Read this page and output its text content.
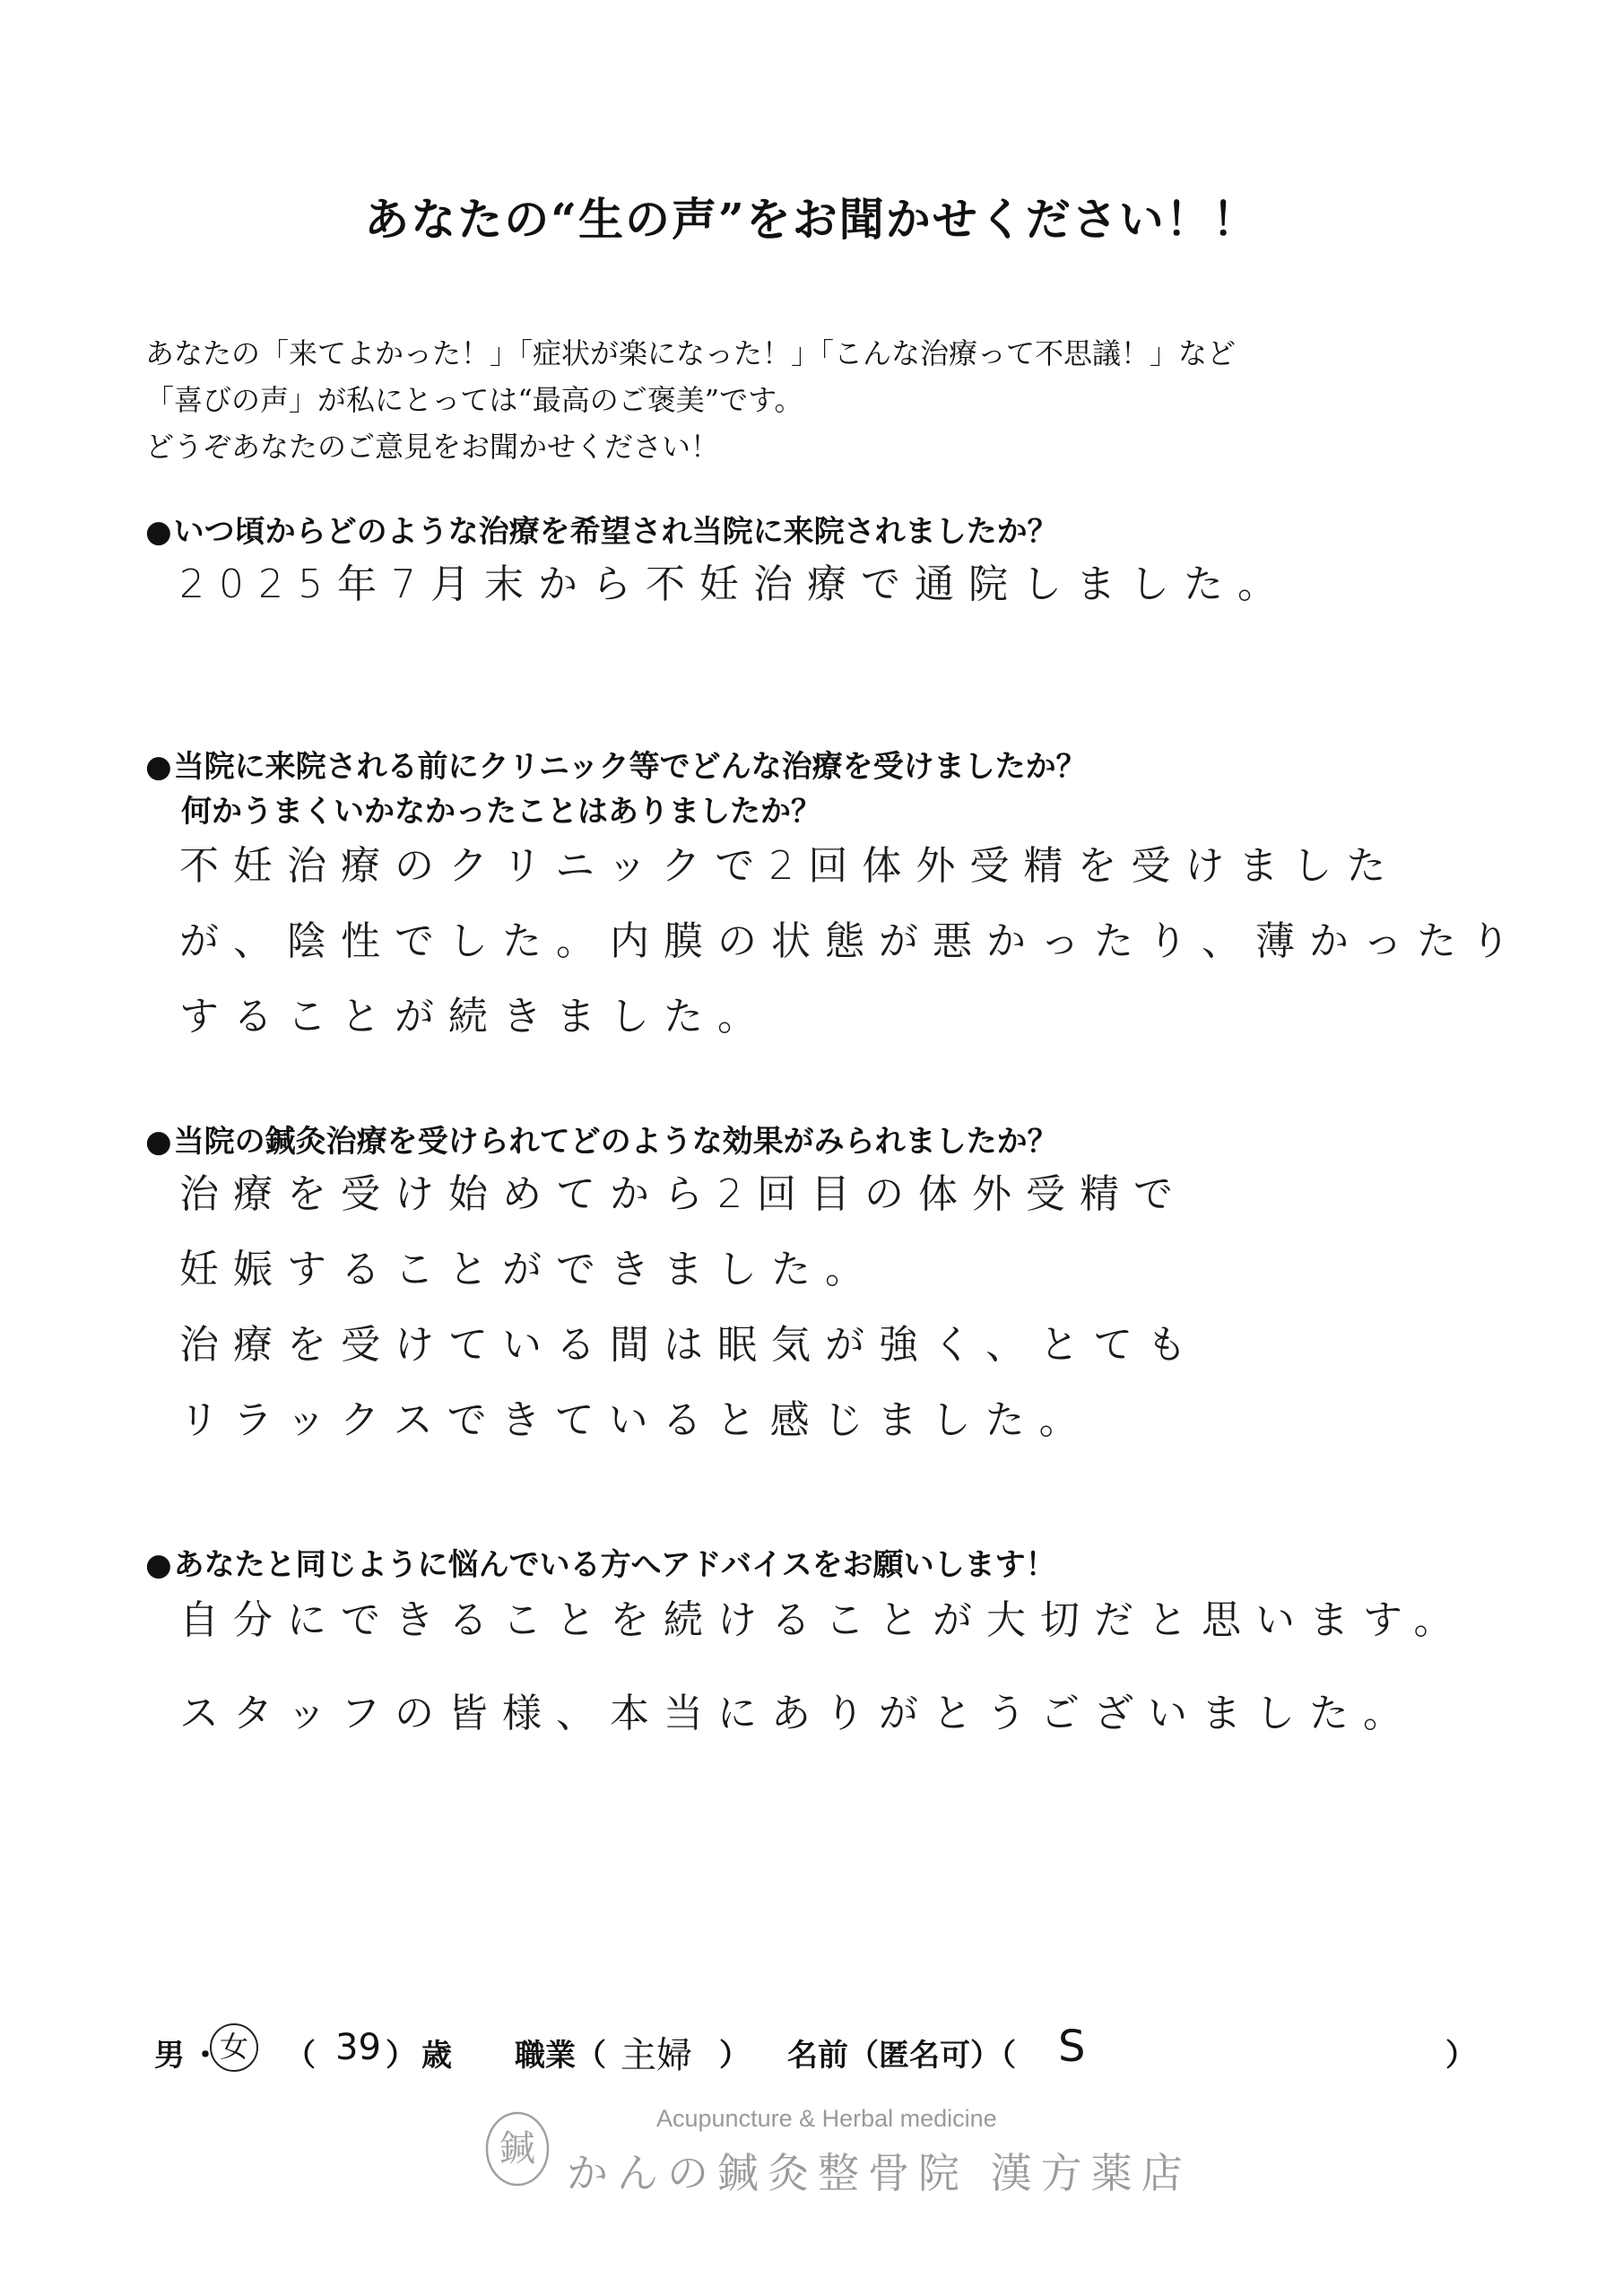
あなたの“生の声”をお聞かせください！！
あなたの「来てよかった！」「症状が楽になった！」「こんな治療って不思議！」など
「喜びの声」が私にとっては“最高のご褒美”です。
どうぞあなたのご意見をお聞かせください！
●いつ頃からどのような治療を希望され当院に来院されましたか？
2025年7月末から不妊治療で通院しました。
●当院に来院される前にクリニック等でどんな治療を受けましたか？
何かうまくいかなかったことはありましたか？
不妊治療のクリニックで2回体外受精を受けました
が、陰性でした。内膜の状態が悪かったり、薄かったり
することが続きました。
●当院の鍼灸治療を受けられてどのような効果がみられましたか？
治療を受け始めてから2回目の体外受精で
妊娠することができました。
治療を受けている間は眠気が強く、とても
リラックスできていると感じました。
●あなたと同じように悩んでいる方へアドバイスをお願いします！
自分にできることを続けることが大切だと思います。
スタッフの皆様、本当にありがとうございました。
男 ・
女	（ 39 ） 歳 職業（ 主婦 ） 名前（匿名可）（ S	）
鍼
Acupuncture & Herbal medicine
かんの鍼灸整骨院 漢方薬店
